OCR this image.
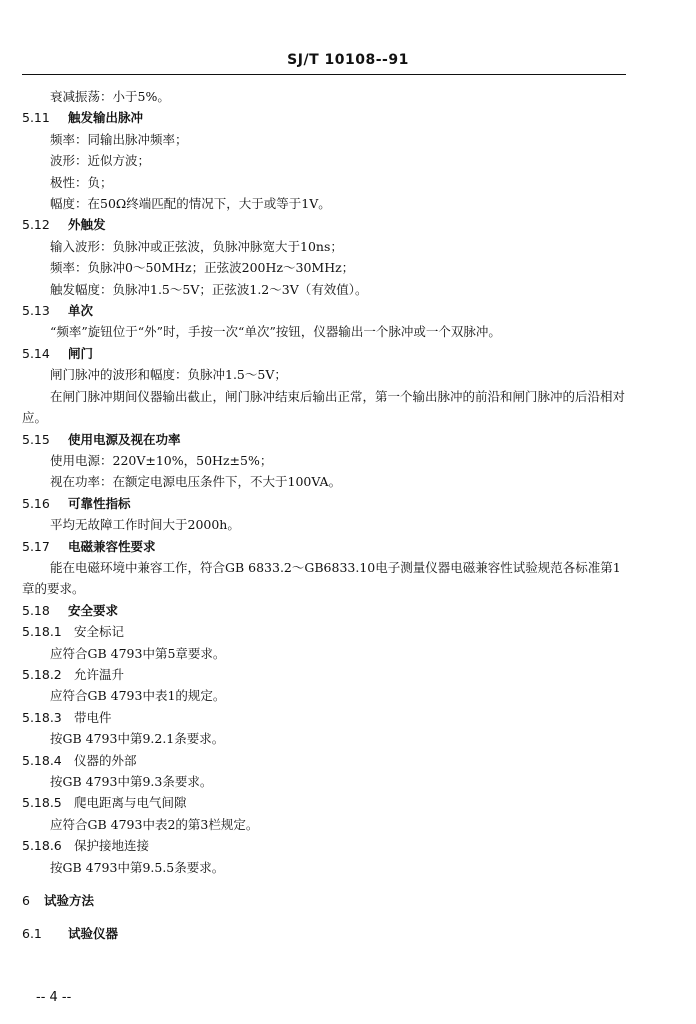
SJ/T 10108--91
衰减振荡：小于5%。
5.11 触发输出脉冲
频率：同输出脉冲频率；
波形：近似方波；
极性：负；
幅度：在50Ω终端匹配的情况下，大于或等于1V。
5.12 外触发
输入波形：负脉冲或正弦波，负脉冲脉宽大于10ns；
频率：负脉冲0～50MHz；正弦波200Hz～30MHz；
触发幅度：负脉冲1.5～5V；正弦波1.2～3V（有效值）。
5.13 单次
“频率”旋钮位于“外”时，手按一次“单次”按钮，仪器输出一个脉冲或一个双脉冲。
5.14 闸门
闸门脉冲的波形和幅度：负脉冲1.5～5V；
在闸门脉冲期间仪器输出截止，闸门脉冲结束后输出正常，第一个输出脉冲的前沿和闸门脉冲的后沿相对应。
5.15 使用电源及视在功率
使用电源：220V±10%，50Hz±5%；
视在功率：在额定电源电压条件下，不大于100VA。
5.16 可靠性指标
平均无故障工作时间大于2000h。
5.17 电磁兼容性要求
能在电磁环境中兼容工作，符合GB 6833.2～GB6833.10电子测量仪器电磁兼容性试验规范各标准第1章的要求。
5.18 安全要求
5.18.1 安全标记
应符合GB 4793中第5章要求。
5.18.2 允许温升
应符合GB 4793中表1的规定。
5.18.3 带电件
按GB 4793中第9.2.1条要求。
5.18.4 仪器的外部
按GB 4793中第9.3条要求。
5.18.5 爬电距离与电气间隙
应符合GB 4793中表2的第3栏规定。
5.18.6 保护接地连接
按GB 4793中第9.5.5条要求。
6 试验方法
6.1 试验仪器
-- 4 --
